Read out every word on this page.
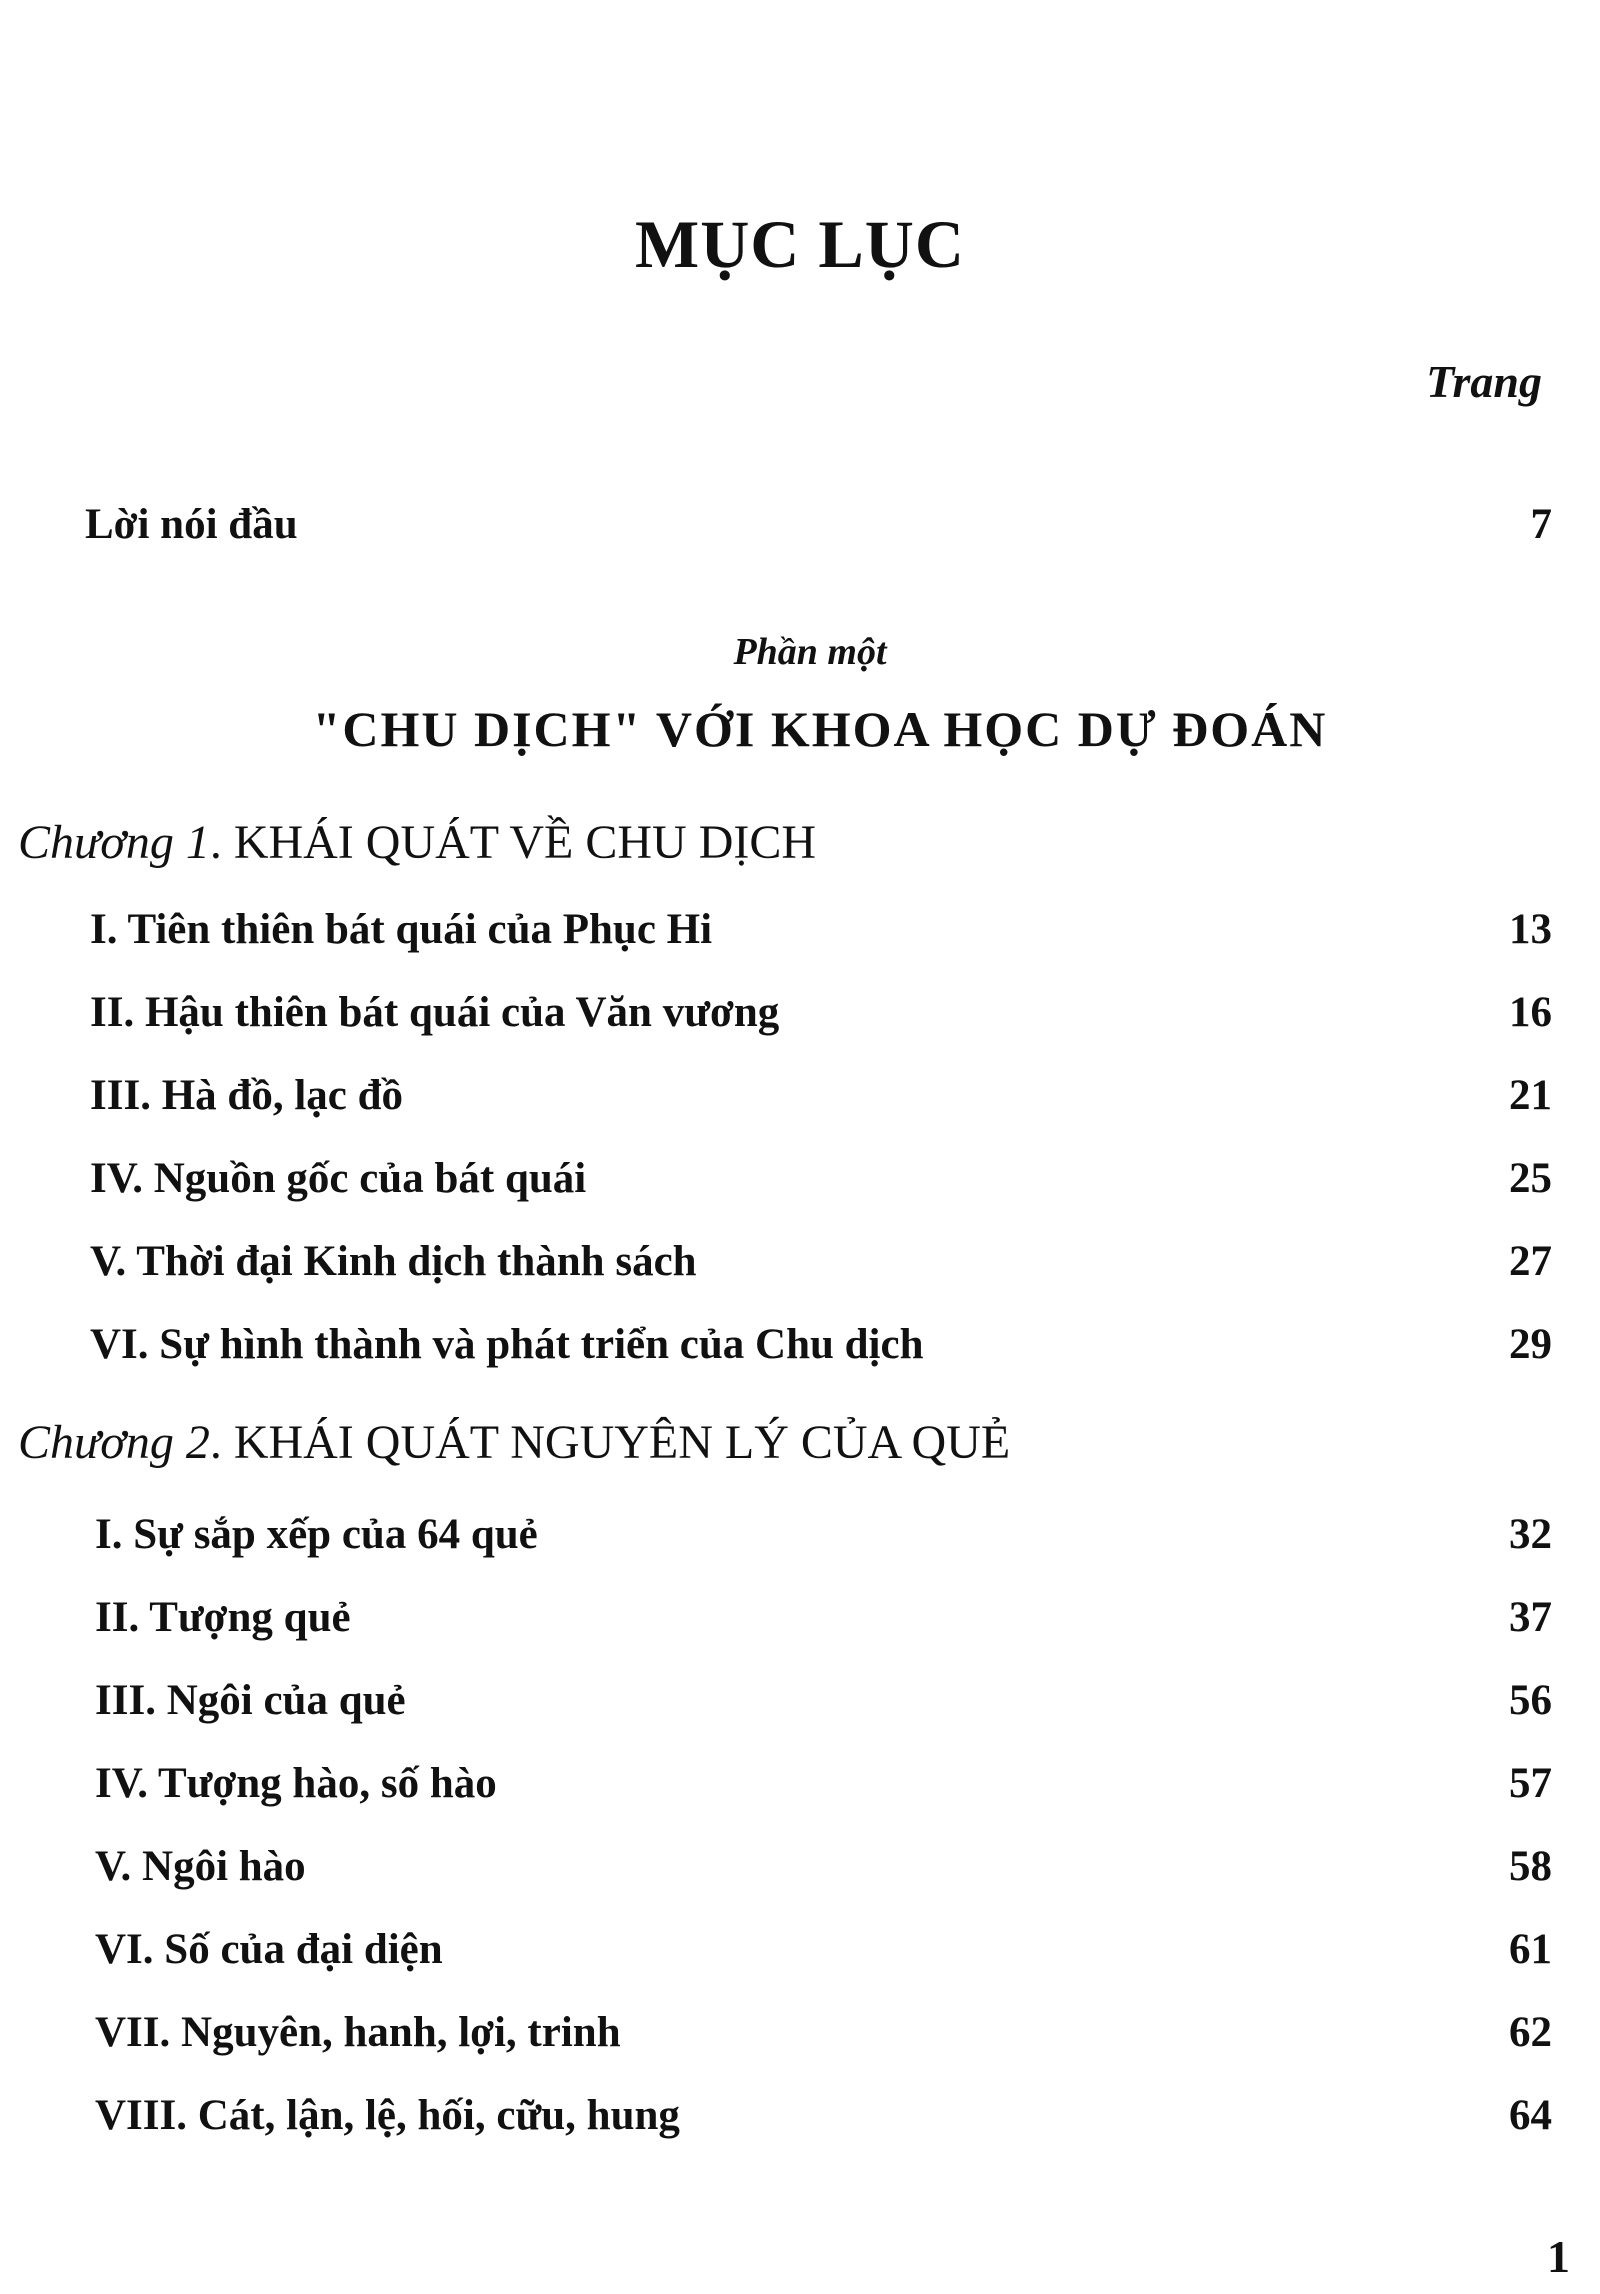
MỤC LỤC
Trang
Lời nói đầu	7
Phần một
"CHU DỊCH" VỚI KHOA HỌC DỰ ĐOÁN
Chương 1. KHÁI QUÁT VỀ CHU DỊCH
I. Tiên thiên bát quái của Phục Hi	13
II. Hậu thiên bát quái của Văn vương	16
III. Hà đồ, lạc đồ	21
IV. Nguồn gốc của bát quái	25
V. Thời đại Kinh dịch thành sách	27
VI. Sự hình thành và phát triển của Chu dịch	29
Chương 2. KHÁI QUÁT NGUYÊN LÝ CỦA QUẺ
I. Sự sắp xếp của 64 quẻ	32
II. Tượng quẻ	37
III. Ngôi của quẻ	56
IV. Tượng hào, số hào	57
V. Ngôi hào	58
VI. Số của đại diện	61
VII. Nguyên, hanh, lợi, trinh	62
VIII. Cát, lận, lệ, hối, cữu, hung	64
1
